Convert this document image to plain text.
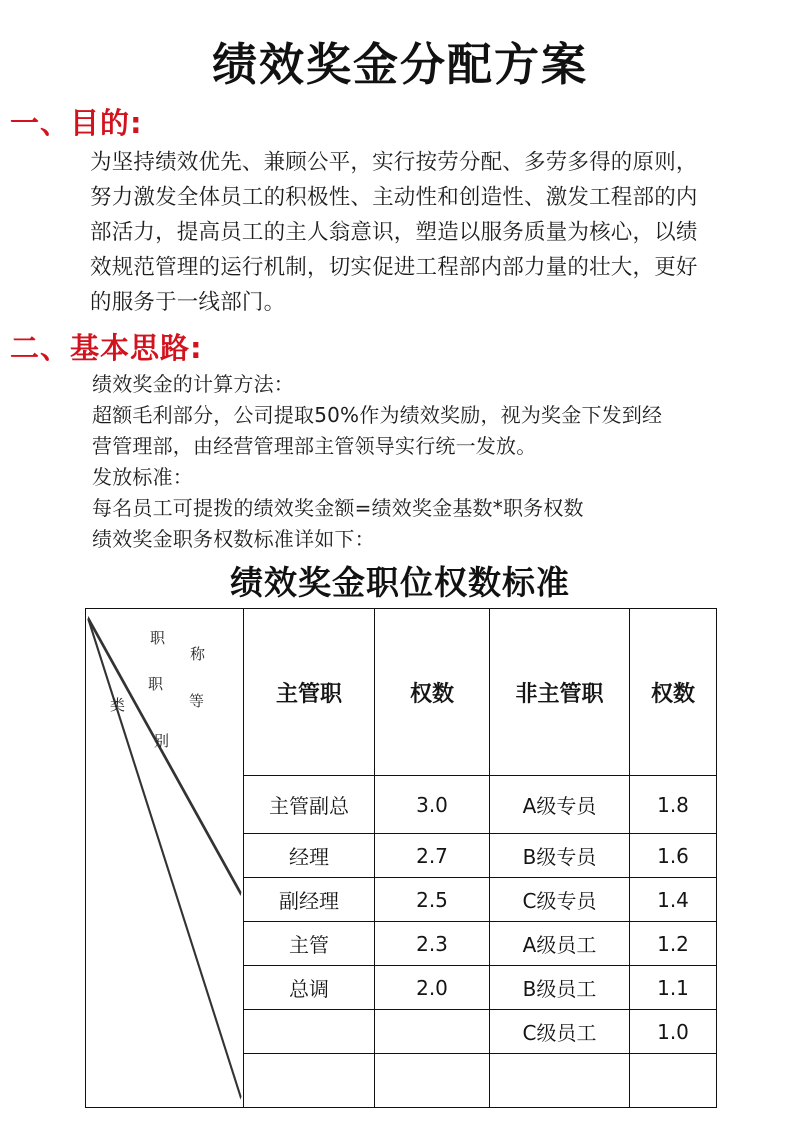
绩效奖金分配方案
一、目的:
为坚持绩效优先、兼顾公平，实行按劳分配、多劳多得的原则，
努力激发全体员工的积极性、主动性和创造性、激发工程部的内
部活力，提高员工的主人翁意识，塑造以服务质量为核心，以绩
效规范管理的运行机制，切实促进工程部内部力量的壮大，更好
的服务于一线部门。
二、基本思路:
绩效奖金的计算方法：
超额毛利部分，公司提取50%作为绩效奖励，视为奖金下发到经
营管理部，由经营管理部主管领导实行统一发放。
发放标准：
每名员工可提拨的绩效奖金额=绩效奖金基数*职务权数
绩效奖金职务权数标准详如下：
绩效奖金职位权数标准
职
称
职
等
类
别
	主管职	权数	非主管职	权数
	主管副总	3.0	A级专员	1.8
	经理	2.7	B级专员	1.6
	副经理	2.5	C级专员	1.4
	主管	2.3	A级员工	1.2
	总调	2.0	B级员工	1.1
			C级员工	1.0
